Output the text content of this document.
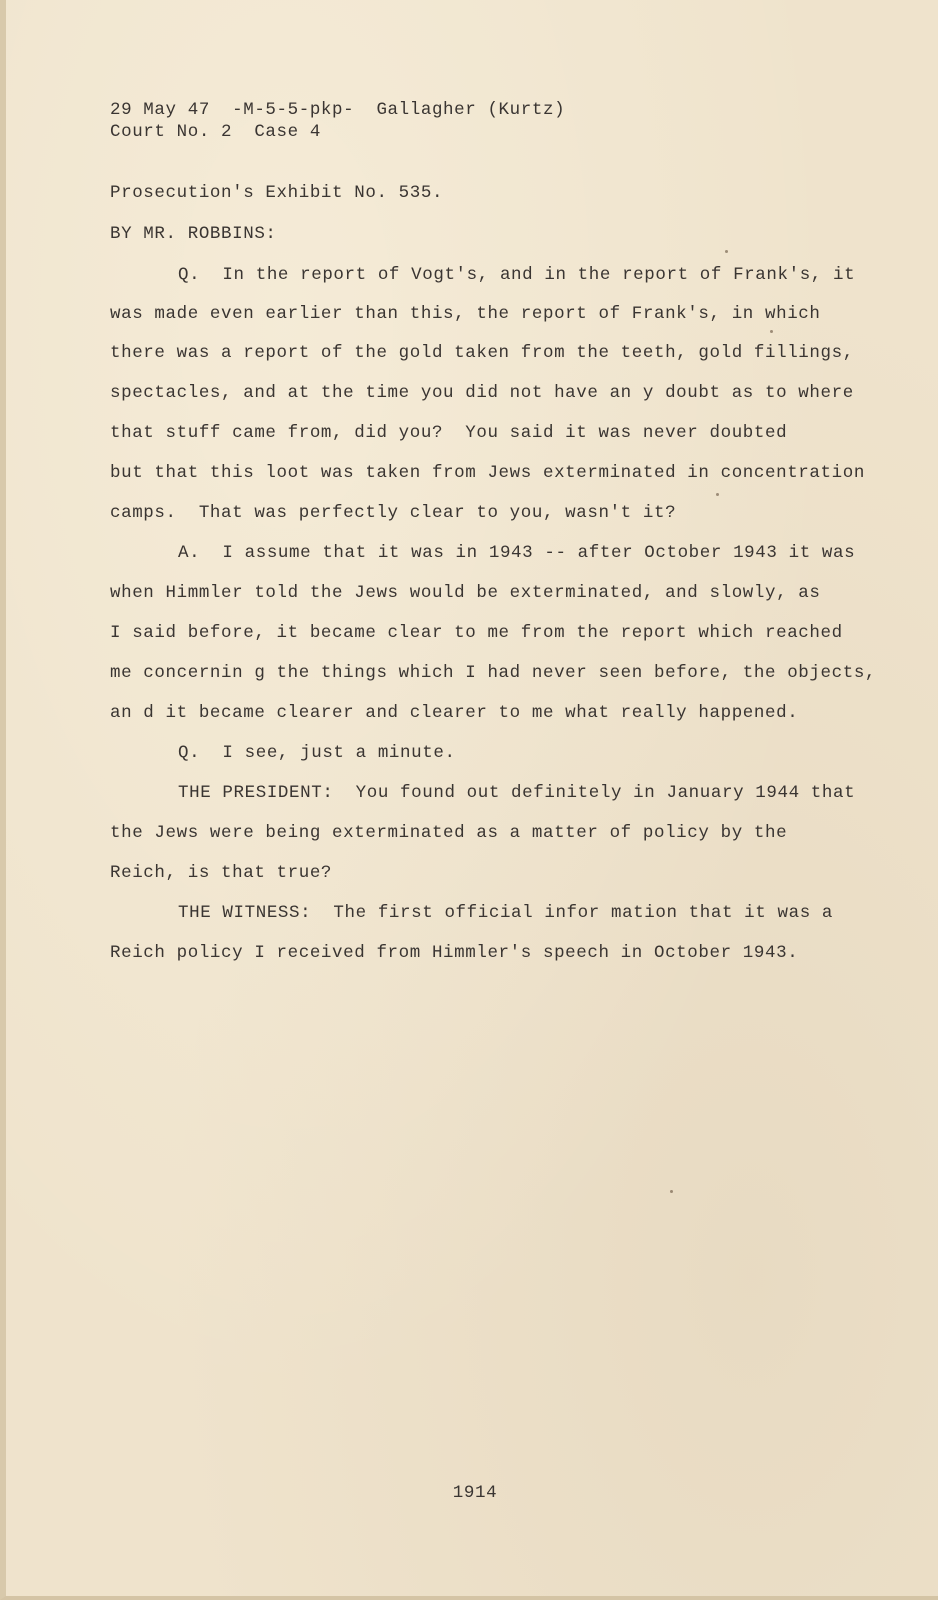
29 May 47  -M-5-5-pkp-  Gallagher (Kurtz)
Court No. 2  Case 4
Prosecution's Exhibit No. 535.
BY MR. ROBBINS:
Q.  In the report of Vogt's, and in the report of Frank's, it
was made even earlier than this, the report of Frank's, in which
there was a report of the gold taken from the teeth, gold fillings,
spectacles, and at the time you did not have an y doubt as to where
that stuff came from, did you?  You said it was never doubted
but that this loot was taken from Jews exterminated in concentration
camps.  That was perfectly clear to you, wasn't it?
A.  I assume that it was in 1943 -- after October 1943 it was
when Himmler told the Jews would be exterminated, and slowly, as
I said before, it became clear to me from the report which reached
me concernin g the things which I had never seen before, the objects,
an d it became clearer and clearer to me what really happened.
Q.  I see, just a minute.
THE PRESIDENT:  You found out definitely in January 1944 that
the Jews were being exterminated as a matter of policy by the
Reich, is that true?
THE WITNESS:  The first official infor mation that it was a
Reich policy I received from Himmler's speech in October 1943.
1914
